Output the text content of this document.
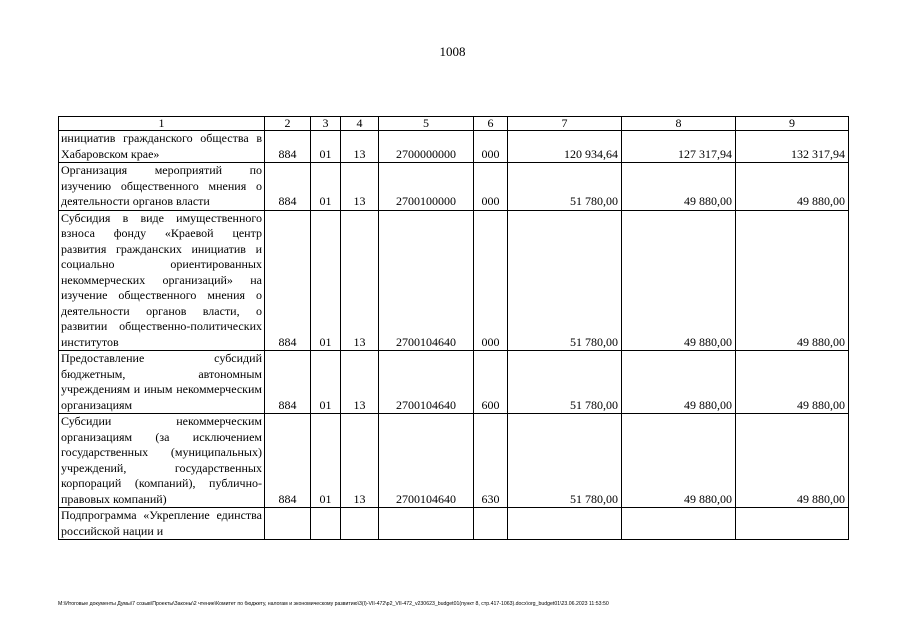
1008
1	2	3	4	5	6	7	8	9
инициатив гражданского общества в Хабаровском крае»	884	01	13	2700000000	000	120 934,64	127 317,94	132 317,94
Организация мероприятий по изучению общественного мнения о деятельности органов власти	884	01	13	2700100000	000	51 780,00	49 880,00	49 880,00
Субсидия в виде имущественного взноса фонду «Краевой центр развития гражданских инициатив и социально ориентированных некоммерческих организаций» на изучение общественного мнения о деятельности органов власти, о развитии общественно-политических институтов	884	01	13	2700104640	000	51 780,00	49 880,00	49 880,00
Предоставление субсидий бюджетным, автономным учреждениям и иным некоммерческим организациям	884	01	13	2700104640	600	51 780,00	49 880,00	49 880,00
Субсидии некоммерческим организациям (за исключением государственных (муниципальных) учреждений, государственных корпораций (компаний), публично-правовых компаний)	884	01	13	2700104640	630	51 780,00	49 880,00	49 880,00
Подпрограмма «Укрепление единства российской нации и								
M:\Итоговые документы Думы\7 созыв\Проекты\Законы\2 чтение\Комитет по бюджету, налогам и экономическому развитию\3(I)-VII-472\p2_VII-472_v230623_budget01(пункт 8, стр.417-1063).docx\org_budget01\23.06.2023 11:53:50
